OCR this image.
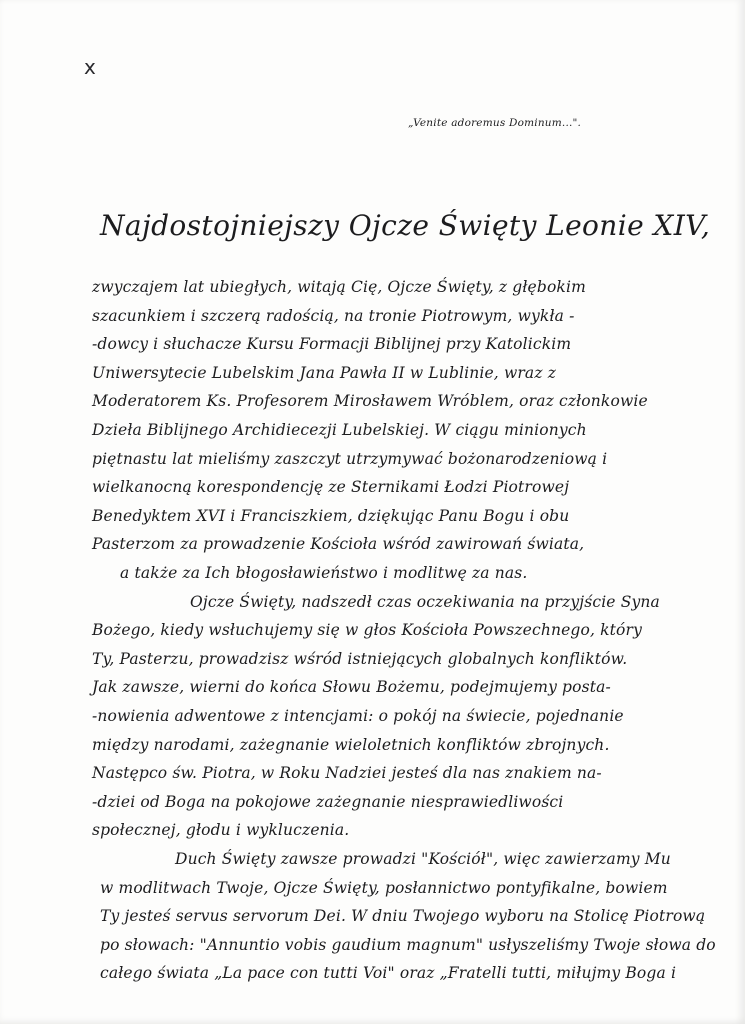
x
„Venite adoremus Dominum...".
Najdostojniejszy Ojcze Święty Leonie XIV,
zwyczajem lat ubiegłych, witają Cię, Ojcze Święty, z głębokim
szacunkiem i szczerą radością, na tronie Piotrowym, wykła -
-dowcy i słuchacze Kursu Formacji Biblijnej przy Katolickim
Uniwersytecie Lubelskim Jana Pawła II w Lublinie, wraz z
Moderatorem Ks. Profesorem Mirosławem Wróblem, oraz członkowie
Dzieła Biblijnego Archidiecezji Lubelskiej. W ciągu minionych
piętnastu lat mieliśmy zaszczyt utrzymywać bożonarodzeniową i
wielkanocną korespondencję ze Sternikami Łodzi Piotrowej
Benedyktem XVI i Franciszkiem, dziękując Panu Bogu i obu
Pasterzom za prowadzenie Kościoła wśród zawirowań świata,
a także za Ich błogosławieństwo i modlitwę za nas.
Ojcze Święty, nadszedł czas oczekiwania na przyjście Syna
Bożego, kiedy wsłuchujemy się w głos Kościoła Powszechnego, który
Ty, Pasterzu, prowadzisz wśród istniejących globalnych konfliktów.
Jak zawsze, wierni do końca Słowu Bożemu, podejmujemy posta-
-nowienia adwentowe z intencjami: o pokój na świecie, pojednanie
między narodami, zażegnanie wieloletnich konfliktów zbrojnych.
Następco św. Piotra, w Roku Nadziei jesteś dla nas znakiem na-
-dziei od Boga na pokojowe zażegnanie niesprawiedliwości
społecznej, głodu i wykluczenia.
Duch Święty zawsze prowadzi "Kościół", więc zawierzamy Mu
w modlitwach Twoje, Ojcze Święty, posłannictwo pontyfikalne, bowiem
Ty jesteś servus servorum Dei. W dniu Twojego wyboru na Stolicę Piotrową
po słowach: "Annuntio vobis gaudium magnum" usłyszeliśmy Twoje słowa do
całego świata „La pace con tutti Voi" oraz „Fratelli tutti, miłujmy Boga i
